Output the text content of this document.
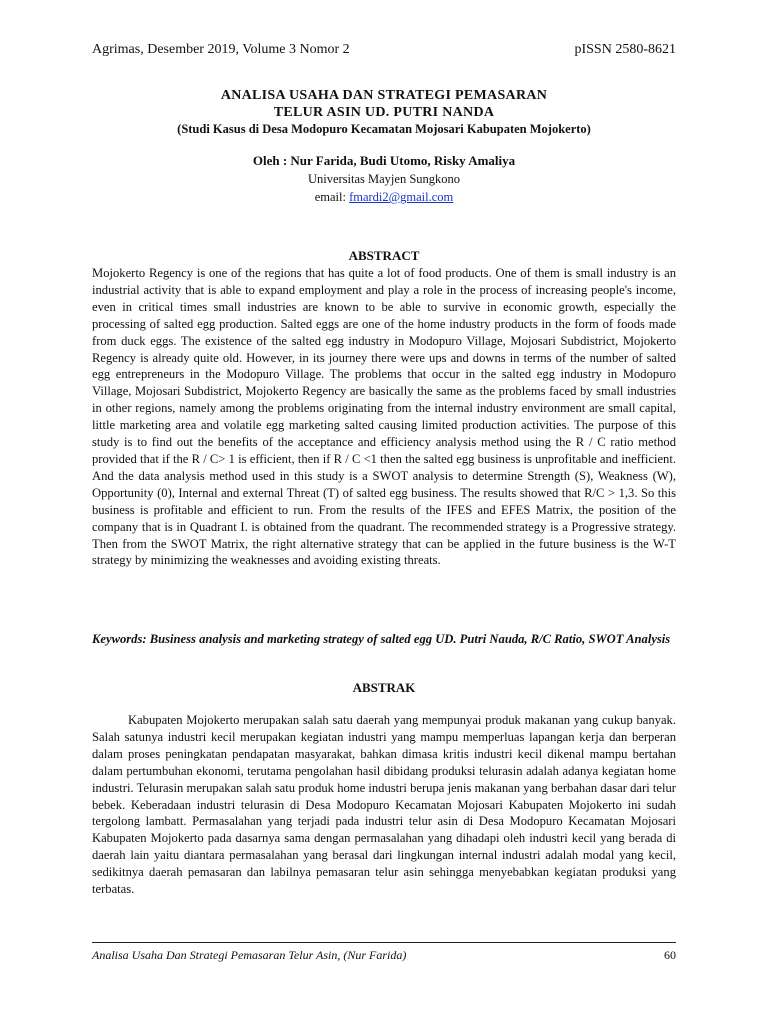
Agrimas, Desember 2019, Volume 3 Nomor 2	pISSN 2580-8621
ANALISA USAHA DAN STRATEGI PEMASARAN
TELUR ASIN UD. PUTRI NANDA
(Studi Kasus di Desa Modopuro Kecamatan Mojosari Kabupaten Mojokerto)
Oleh : Nur Farida, Budi Utomo, Risky Amaliya
Universitas Mayjen Sungkono
email: fmardi2@gmail.com
ABSTRACT
Mojokerto Regency is one of the regions that has quite a lot of food products. One of them is small industry is an industrial activity that is able to expand employment and play a role in the process of increasing people's income, even in critical times small industries are known to be able to survive in economic growth, especially the processing of salted egg production. Salted eggs are one of the home industry products in the form of foods made from duck eggs. The existence of the salted egg industry in Modopuro Village, Mojosari Subdistrict, Mojokerto Regency is already quite old. However, in its journey there were ups and downs in terms of the number of salted egg entrepreneurs in the Modopuro Village. The problems that occur in the salted egg industry in Modopuro Village, Mojosari Subdistrict, Mojokerto Regency are basically the same as the problems faced by small industries in other regions, namely among the problems originating from the internal industry environment are small capital, little marketing area and volatile egg marketing salted causing limited production activities. The purpose of this study is to find out the benefits of the acceptance and efficiency analysis method using the R / C ratio method provided that if the R / C> 1 is efficient, then if R / C <1 then the salted egg business is unprofitable and inefficient. And the data analysis method used in this study is a SWOT analysis to determine Strength (S), Weakness (W), Opportunity (0), Internal and external Threat (T) of salted egg business. The results showed that R/C > 1,3. So this business is profitable and efficient to run. From the results of the IFES and EFES Matrix, the position of the company that is in Quadrant I. is obtained from the quadrant. The recommended strategy is a Progressive strategy. Then from the SWOT Matrix, the right alternative strategy that can be applied in the future business is the W-T strategy by minimizing the weaknesses and avoiding existing threats.
Keywords: Business analysis and marketing strategy of salted egg UD. Putri Nauda, R/C Ratio, SWOT Analysis
ABSTRAK
Kabupaten Mojokerto merupakan salah satu daerah yang mempunyai produk makanan yang cukup banyak. Salah satunya industri kecil merupakan kegiatan industri yang mampu memperluas lapangan kerja dan berperan dalam proses peningkatan pendapatan masyarakat, bahkan dimasa kritis industri kecil dikenal mampu bertahan dalam pertumbuhan ekonomi, terutama pengolahan hasil dibidang produksi telurasin adalah adanya kegiatan home industri. Telurasin merupakan salah satu produk home industri berupa jenis makanan yang berbahan dasar dari telur bebek. Keberadaan industri telurasin di Desa Modopuro Kecamatan Mojosari Kabupaten Mojokerto ini sudah tergolong lambatt. Permasalahan yang terjadi pada industri telur asin di Desa Modopuro Kecamatan Mojosari Kabupaten Mojokerto pada dasarnya sama dengan permasalahan yang dihadapi oleh industri kecil yang berada di daerah lain yaitu diantara permasalahan yang berasal dari lingkungan internal industri adalah modal yang kecil, sedikitnya daerah pemasaran dan labilnya pemasaran telur asin sehingga menyebabkan kegiatan produksi yang terbatas.
Analisa Usaha Dan Strategi Pemasaran Telur Asin, (Nur Farida)	60
